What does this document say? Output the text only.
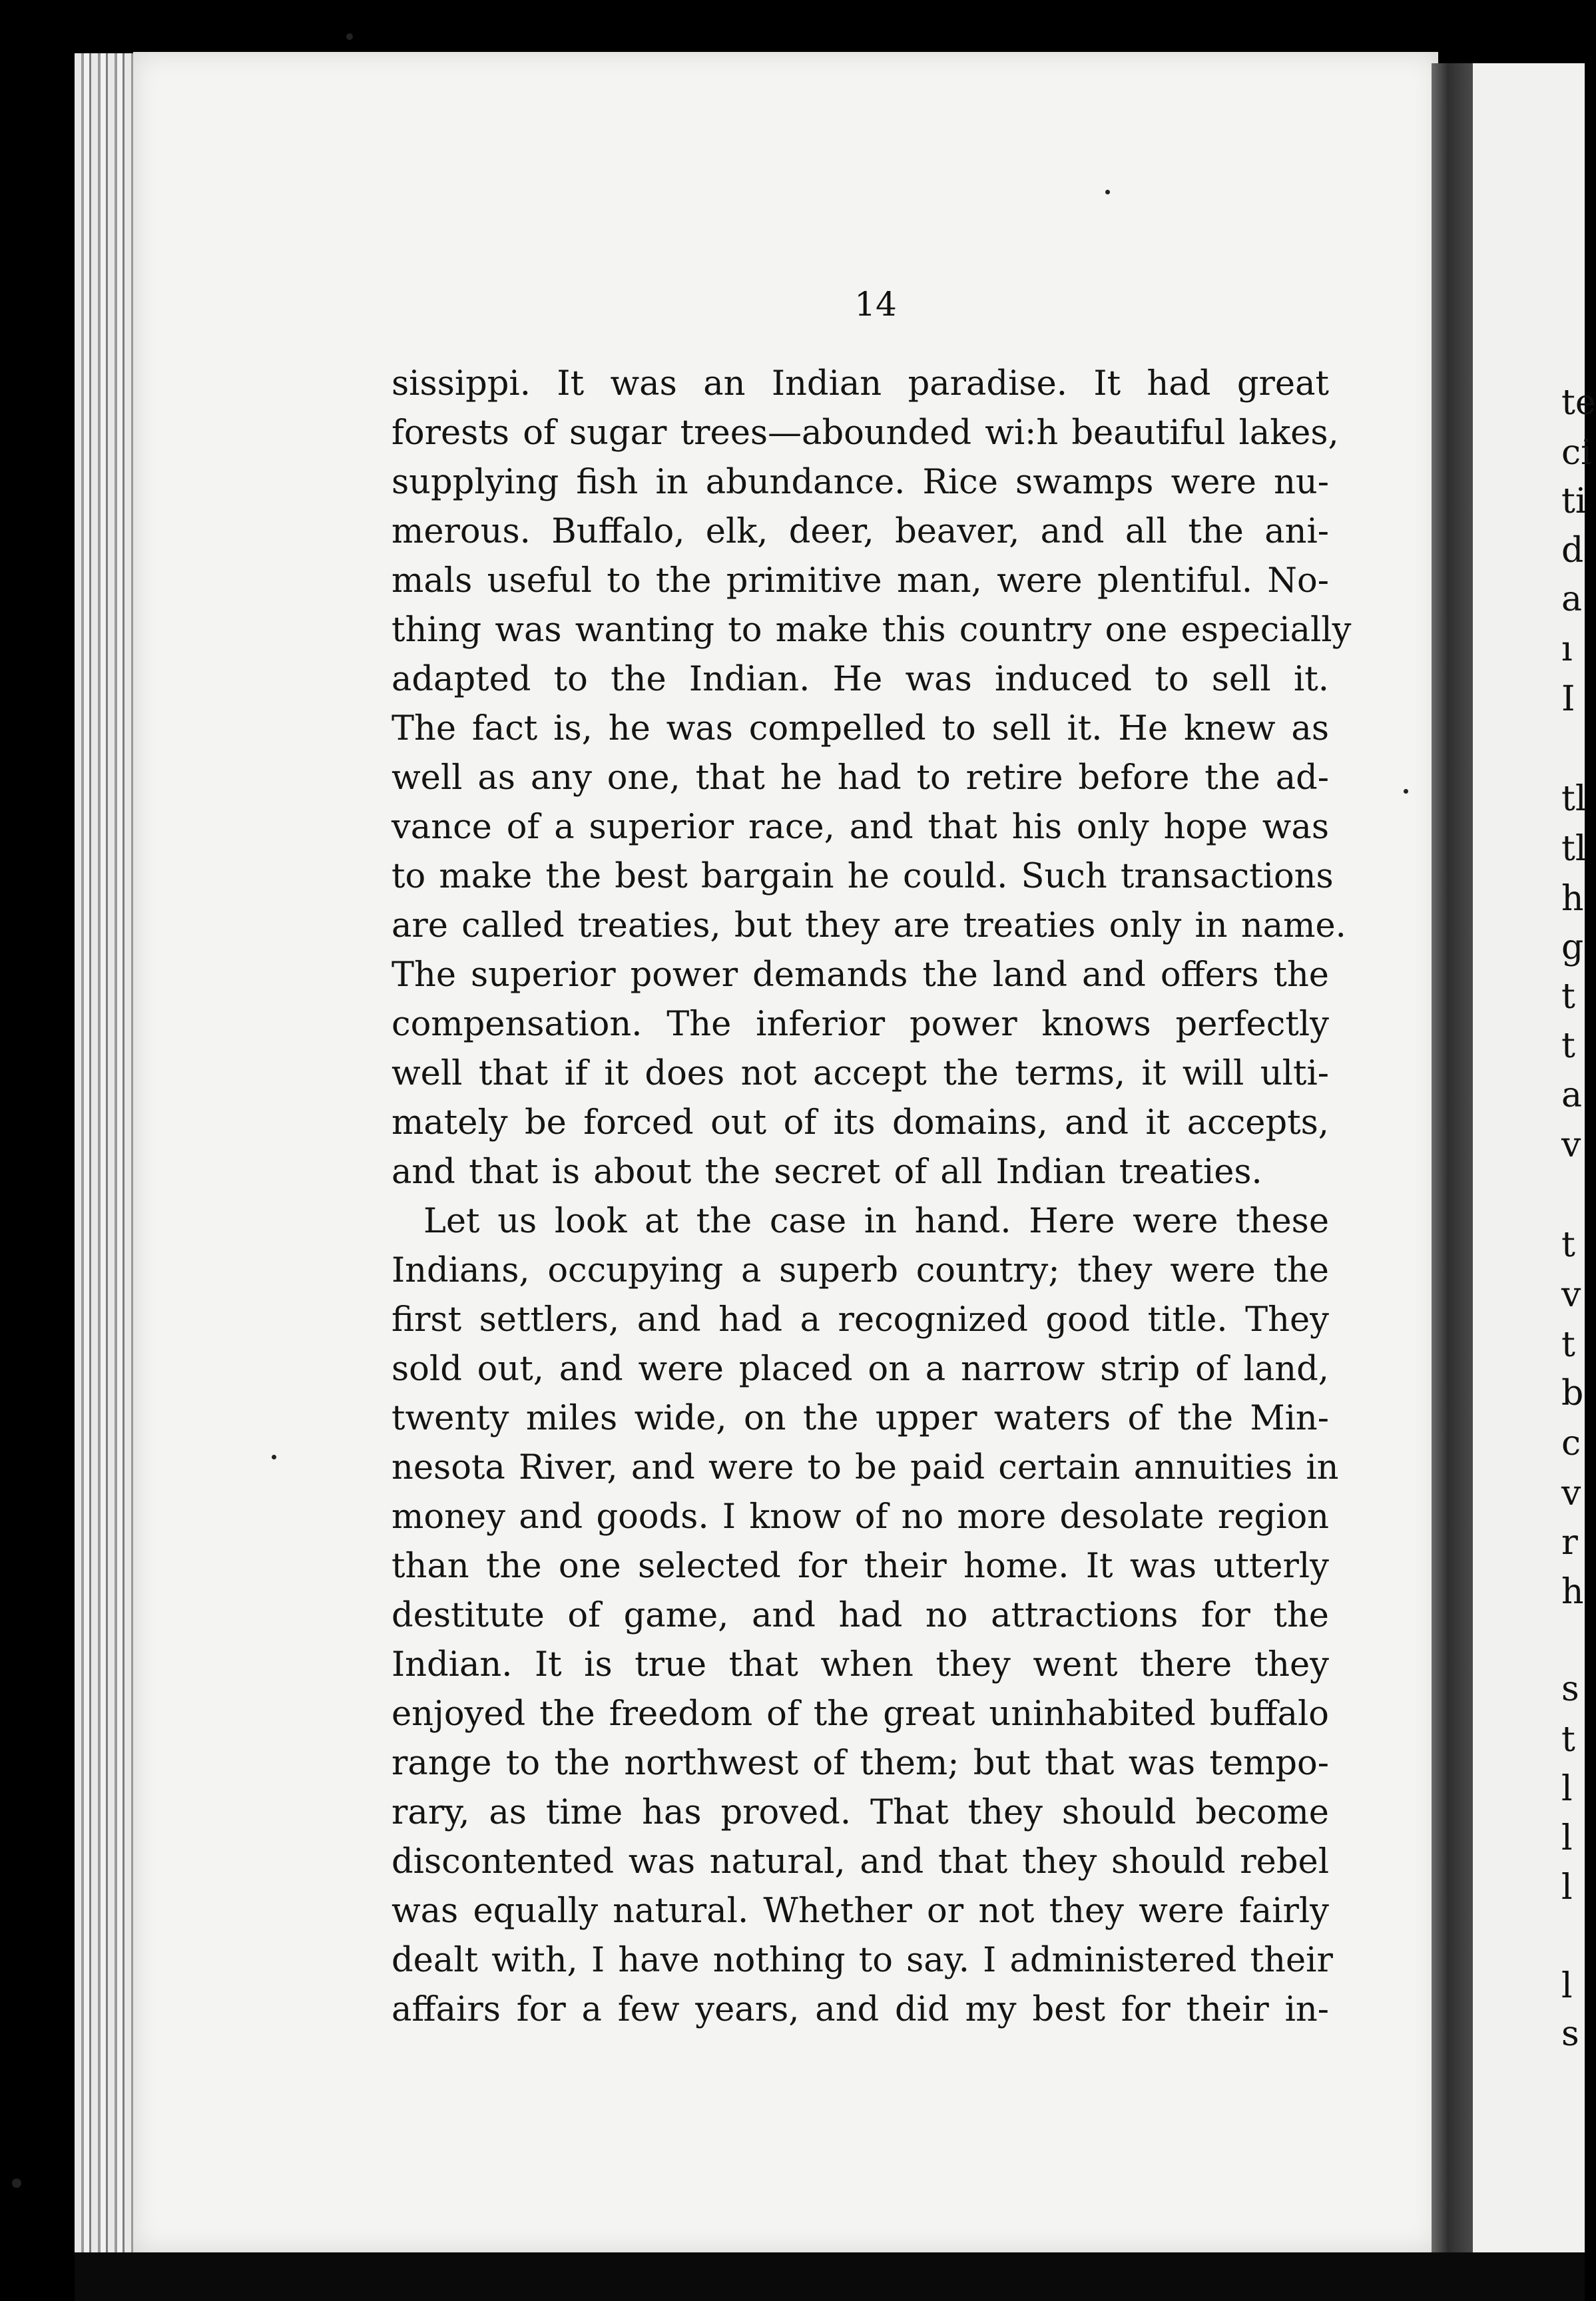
te
ci
ti
d
a
ı
I
tl
tl
h
g
t
t
a
v
t
v
t
b
c
v
r
h
s
t
l
l
l
l
s
14
sissippi. It was an Indian paradise. It had great
forests of sugar trees—abounded wi:h beautiful lakes,
supplying fish in abundance. Rice swamps were nu-
merous. Buffalo, elk, deer, beaver, and all the ani-
mals useful to the primitive man, were plentiful. No-
thing was wanting to make this country one especially
adapted to the Indian. He was induced to sell it.
The fact is, he was compelled to sell it. He knew as
well as any one, that he had to retire before the ad-
vance of a superior race, and that his only hope was
to make the best bargain he could. Such transactions
are called treaties, but they are treaties only in name.
The superior power demands the land and offers the
compensation. The inferior power knows perfectly
well that if it does not accept the terms, it will ulti-
mately be forced out of its domains, and it accepts,
and that is about the secret of all Indian treaties.
Let us look at the case in hand. Here were these
Indians, occupying a superb country; they were the
first settlers, and had a recognized good title. They
sold out, and were placed on a narrow strip of land,
twenty miles wide, on the upper waters of the Min-
nesota River, and were to be paid certain annuities in
money and goods. I know of no more desolate region
than the one selected for their home. It was utterly
destitute of game, and had no attractions for the
Indian. It is true that when they went there they
enjoyed the freedom of the great uninhabited buffalo
range to the northwest of them; but that was tempo-
rary, as time has proved. That they should become
discontented was natural, and that they should rebel
was equally natural. Whether or not they were fairly
dealt with, I have nothing to say. I administered their
affairs for a few years, and did my best for their in-
